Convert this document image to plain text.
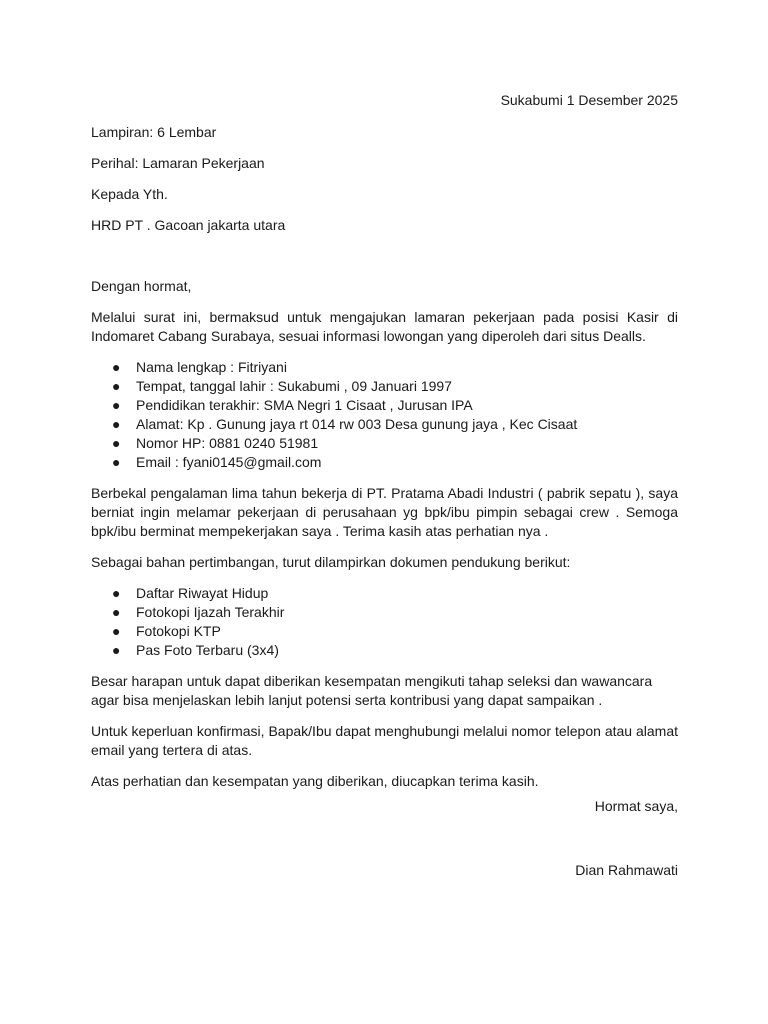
Sukabumi 1 Desember 2025

Lampiran: 6 Lembar

Perihal: Lamaran Pekerjaan

Kepada Yth.

HRD PT . Gacoan jakarta utara

Dengan hormat,

Melalui surat ini, bermaksud untuk mengajukan lamaran pekerjaan pada posisi Kasir di Indomaret Cabang Surabaya, sesuai informasi lowongan yang diperoleh dari situs Dealls.

● Nama lengkap : Fitriyani
● Tempat, tanggal lahir : Sukabumi , 09 Januari 1997
● Pendidikan terakhir: SMA Negri 1 Cisaat , Jurusan IPA
● Alamat: Kp . Gunung jaya rt 014 rw 003 Desa gunung jaya , Kec Cisaat
● Nomor HP: 0881 0240 51981
● Email : fyani0145@gmail.com

Berbekal pengalaman lima tahun bekerja di PT. Pratama Abadi Industri ( pabrik sepatu ), saya berniat ingin melamar pekerjaan di perusahaan yg bpk/ibu pimpin sebagai crew . Semoga bpk/ibu berminat mempekerjakan saya . Terima kasih atas perhatian nya .

Sebagai bahan pertimbangan, turut dilampirkan dokumen pendukung berikut:

● Daftar Riwayat Hidup
● Fotokopi Ijazah Terakhir
● Fotokopi KTP
● Pas Foto Terbaru (3x4)

Besar harapan untuk dapat diberikan kesempatan mengikuti tahap seleksi dan wawancara agar bisa menjelaskan lebih lanjut potensi serta kontribusi yang dapat sampaikan .

Untuk keperluan konfirmasi, Bapak/Ibu dapat menghubungi melalui nomor telepon atau alamat email yang tertera di atas.

Atas perhatian dan kesempatan yang diberikan, diucapkan terima kasih.

Hormat saya,

Dian Rahmawati
